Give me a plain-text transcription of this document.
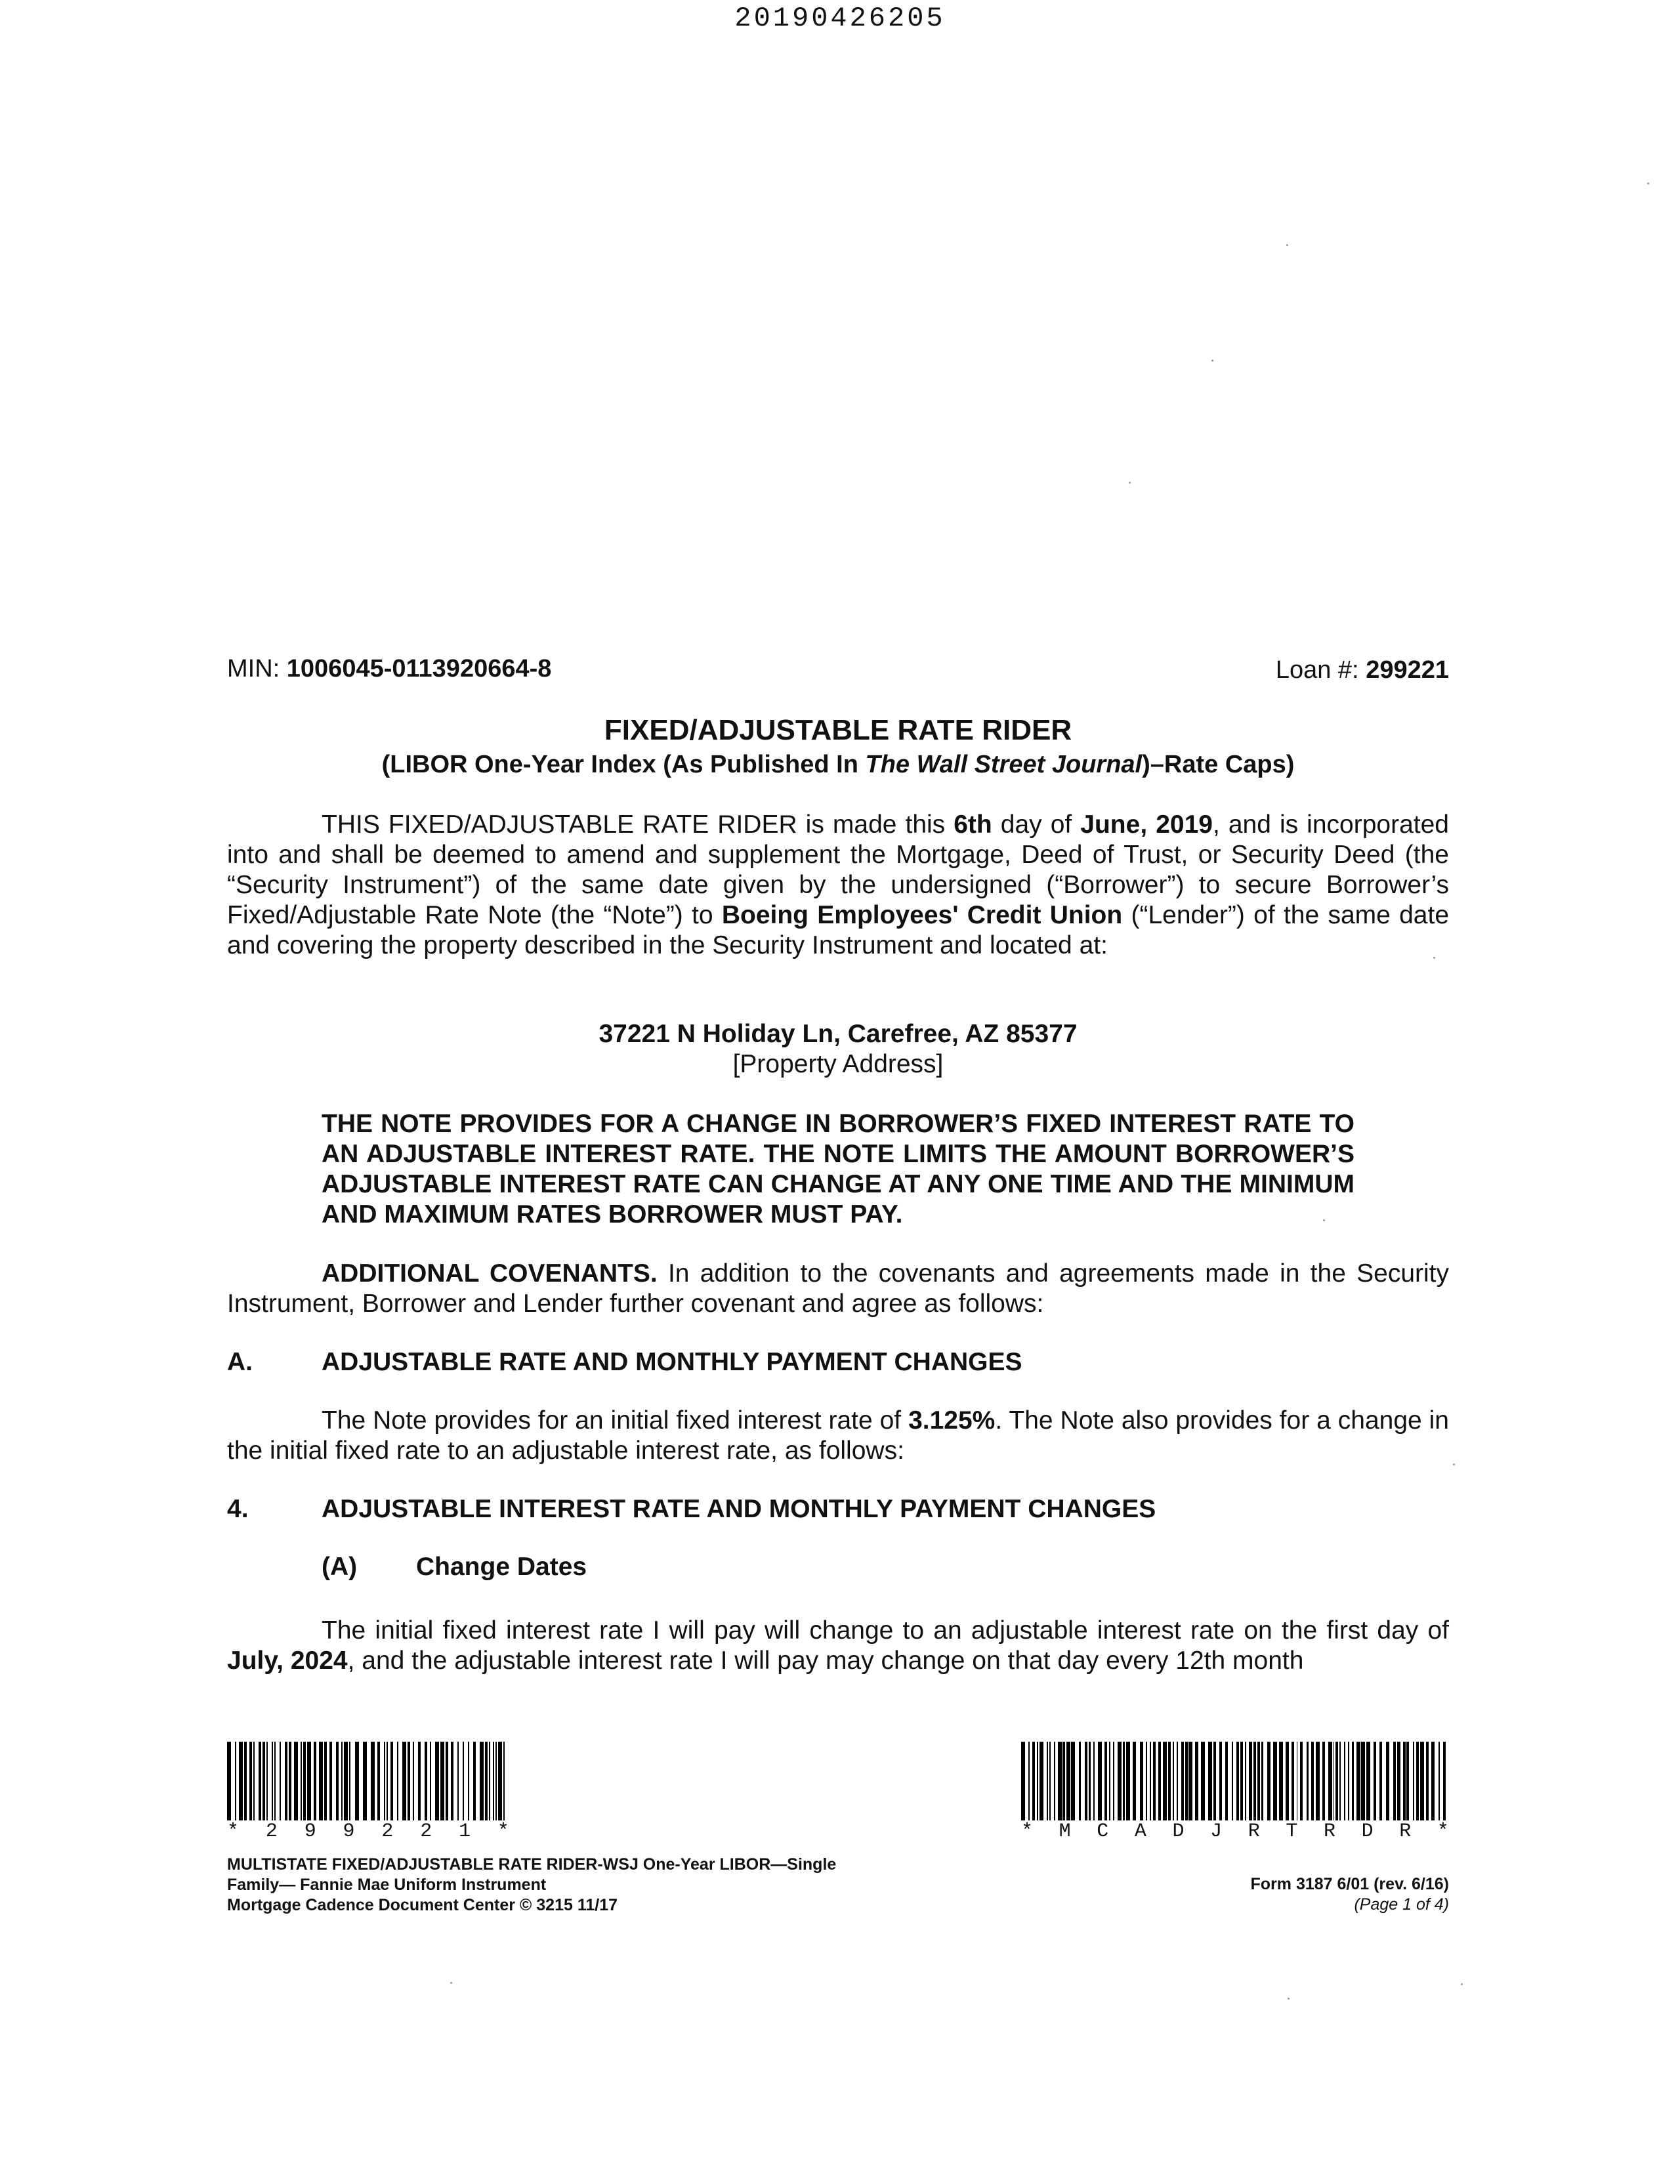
20190426205
MIN: 1006045-0113920664-8	Loan #: 299221
FIXED/ADJUSTABLE RATE RIDER
(LIBOR One-Year Index (As Published In The Wall Street Journal)–Rate Caps)
THIS FIXED/ADJUSTABLE RATE RIDER is made this 6th day of June, 2019, and is incorporated into and shall be deemed to amend and supplement the Mortgage, Deed of Trust, or Security Deed (the “Security Instrument”) of the same date given by the undersigned (“Borrower”) to secure Borrower’s Fixed/Adjustable Rate Note (the “Note”) to Boeing Employees' Credit Union (“Lender”) of the same date and covering the property described in the Security Instrument and located at:
37221 N Holiday Ln, Carefree, AZ 85377
[Property Address]
THE NOTE PROVIDES FOR A CHANGE IN BORROWER’S FIXED INTEREST RATE TO AN ADJUSTABLE INTEREST RATE. THE NOTE LIMITS THE AMOUNT BORROWER’S ADJUSTABLE INTEREST RATE CAN CHANGE AT ANY ONE TIME AND THE MINIMUM AND MAXIMUM RATES BORROWER MUST PAY.
ADDITIONAL COVENANTS. In addition to the covenants and agreements made in the Security Instrument, Borrower and Lender further covenant and agree as follows:
A.	ADJUSTABLE RATE AND MONTHLY PAYMENT CHANGES
The Note provides for an initial fixed interest rate of 3.125%. The Note also provides for a change in the initial fixed rate to an adjustable interest rate, as follows:
4.	ADJUSTABLE INTEREST RATE AND MONTHLY PAYMENT CHANGES
(A) Change Dates
The initial fixed interest rate I will pay will change to an adjustable interest rate on the first day of July, 2024, and the adjustable interest rate I will pay may change on that day every 12th month
* 2 9 9 2 2 1 *	* M C A D J R T R D R *
MULTISTATE FIXED/ADJUSTABLE RATE RIDER-WSJ One-Year LIBOR—Single
Family— Fannie Mae Uniform Instrument
Mortgage Cadence Document Center © 3215 11/17
Form 3187 6/01 (rev. 6/16)
(Page 1 of 4)
